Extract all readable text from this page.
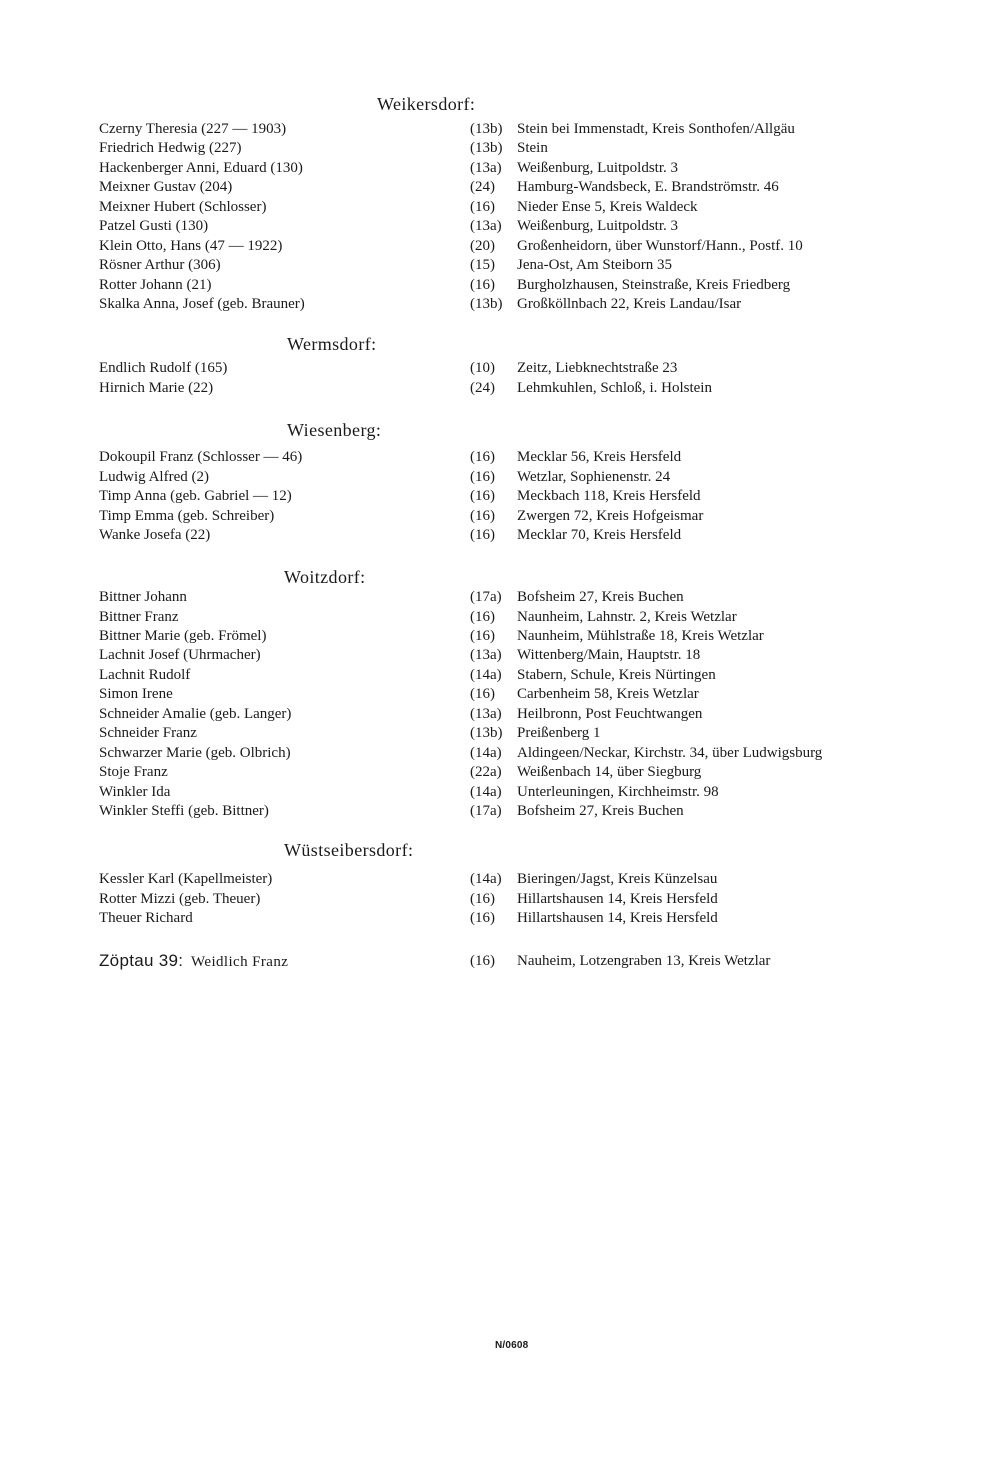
Weikersdorf:
Czerny Theresia (227 — 1903)	(13b) Stein bei Immenstadt, Kreis Sonthofen/Allgäu
Friedrich Hedwig (227)	(13b) Stein
Hackenberger Anni, Eduard (130)	(13a) Weißenburg, Luitpoldstr. 3
Meixner Gustav (204)	(24) Hamburg-Wandsbeck, E. Brandströmstr. 46
Meixner Hubert (Schlosser)	(16) Nieder Ense 5, Kreis Waldeck
Patzel Gusti (130)	(13a) Weißenburg, Luitpoldstr. 3
Klein Otto, Hans (47 — 1922)	(20) Großenheidorn, über Wunstorf/Hann., Postf. 10
Rösner Arthur (306)	(15) Jena-Ost, Am Steiborn 35
Rotter Johann (21)	(16) Burgholzhausen, Steinstraße, Kreis Friedberg
Skalka Anna, Josef (geb. Brauner)	(13b) Großköllnbach 22, Kreis Landau/Isar
Wermsdorf:
Endlich Rudolf (165)	(10) Zeitz, Liebknechtstraße 23
Hirnich Marie (22)	(24) Lehmkuhlen, Schloß, i. Holstein
Wiesenberg:
Dokoupil Franz (Schlosser — 46)	(16) Mecklar 56, Kreis Hersfeld
Ludwig Alfred (2)	(16) Wetzlar, Sophienenstr. 24
Timp Anna (geb. Gabriel — 12)	(16) Meckbach 118, Kreis Hersfeld
Timp Emma (geb. Schreiber)	(16) Zwergen 72, Kreis Hofgeismar
Wanke Josefa (22)	(16) Mecklar 70, Kreis Hersfeld
Woitzdorf:
Bittner Johann	(17a) Bofsheim 27, Kreis Buchen
Bittner Franz	(16) Naunheim, Lahnstr. 2, Kreis Wetzlar
Bittner Marie (geb. Frömel)	(16) Naunheim, Mühlstraße 18, Kreis Wetzlar
Lachnit Josef (Uhrmacher)	(13a) Wittenberg/Main, Hauptstr. 18
Lachnit Rudolf	(14a) Stabern, Schule, Kreis Nürtingen
Simon Irene	(16) Carbenheim 58, Kreis Wetzlar
Schneider Amalie (geb. Langer)	(13a) Heilbronn, Post Feuchtwangen
Schneider Franz	(13b) Preißenberg 1
Schwarzer Marie (geb. Olbrich)	(14a) Aldingeen/Neckar, Kirchstr. 34, über Ludwigsburg
Stoje Franz	(22a) Weißenbach 14, über Siegburg
Winkler Ida	(14a) Unterleuningen, Kirchheimstr. 98
Winkler Steffi (geb. Bittner)	(17a) Bofsheim 27, Kreis Buchen
Wüstseibersdorf:
Kessler Karl (Kapellmeister)	(14a) Bieringen/Jagst, Kreis Künzelsau
Rotter Mizzi (geb. Theuer)	(16) Hillartshausen 14, Kreis Hersfeld
Theuer Richard	(16) Hillartshausen 14, Kreis Hersfeld
Zöptau 39: Weidlich Franz	(16) Nauheim, Lotzengraben 13, Kreis Wetzlar
N/0608
